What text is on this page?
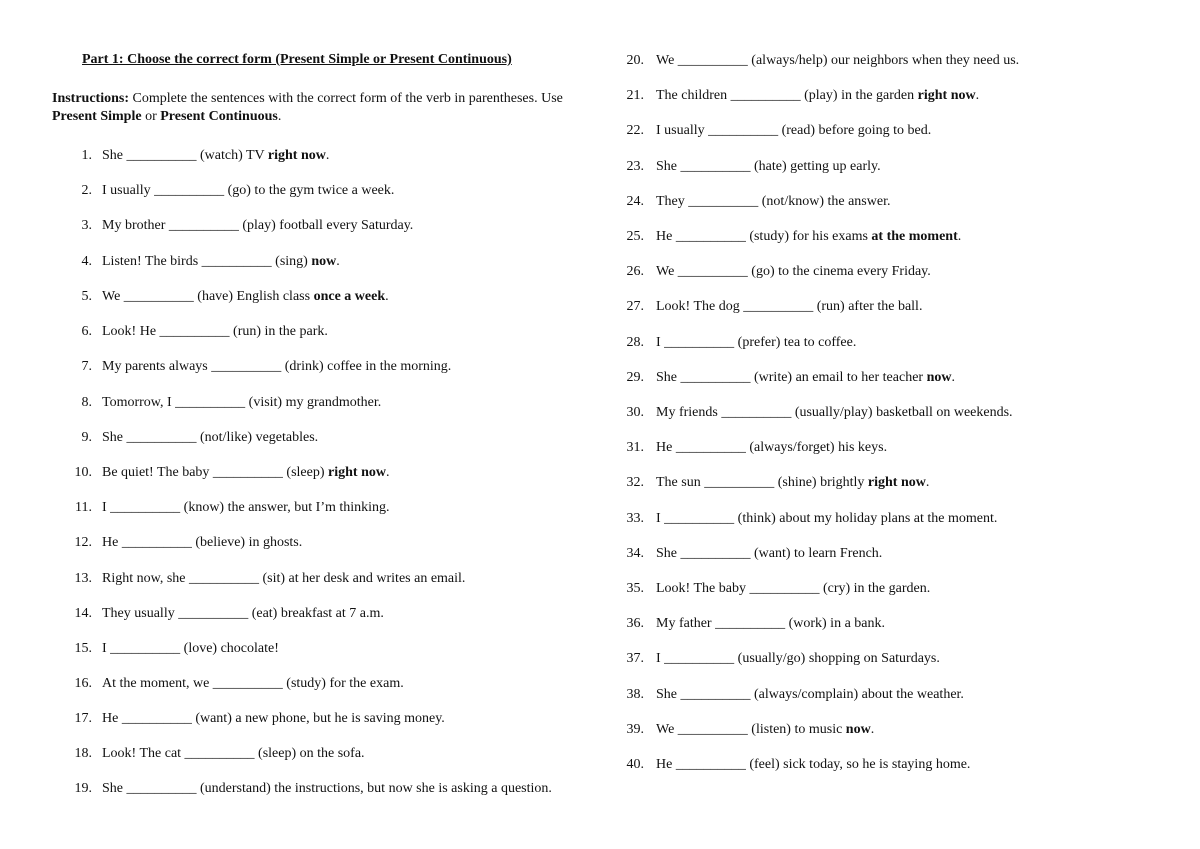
Part 1: Choose the correct form (Present Simple or Present Continuous)
Instructions: Complete the sentences with the correct form of the verb in parentheses. Use Present Simple or Present Continuous.
1. She __________ (watch) TV right now.
2. I usually __________ (go) to the gym twice a week.
3. My brother __________ (play) football every Saturday.
4. Listen! The birds __________ (sing) now.
5. We __________ (have) English class once a week.
6. Look! He __________ (run) in the park.
7. My parents always __________ (drink) coffee in the morning.
8. Tomorrow, I __________ (visit) my grandmother.
9. She __________ (not/like) vegetables.
10. Be quiet! The baby __________ (sleep) right now.
11. I __________ (know) the answer, but I’m thinking.
12. He __________ (believe) in ghosts.
13. Right now, she __________ (sit) at her desk and writes an email.
14. They usually __________ (eat) breakfast at 7 a.m.
15. I __________ (love) chocolate!
16. At the moment, we __________ (study) for the exam.
17. He __________ (want) a new phone, but he is saving money.
18. Look! The cat __________ (sleep) on the sofa.
19. She __________ (understand) the instructions, but now she is asking a question.
20. We __________ (always/help) our neighbors when they need us.
21. The children __________ (play) in the garden right now.
22. I usually __________ (read) before going to bed.
23. She __________ (hate) getting up early.
24. They __________ (not/know) the answer.
25. He __________ (study) for his exams at the moment.
26. We __________ (go) to the cinema every Friday.
27. Look! The dog __________ (run) after the ball.
28. I __________ (prefer) tea to coffee.
29. She __________ (write) an email to her teacher now.
30. My friends __________ (usually/play) basketball on weekends.
31. He __________ (always/forget) his keys.
32. The sun __________ (shine) brightly right now.
33. I __________ (think) about my holiday plans at the moment.
34. She __________ (want) to learn French.
35. Look! The baby __________ (cry) in the garden.
36. My father __________ (work) in a bank.
37. I __________ (usually/go) shopping on Saturdays.
38. She __________ (always/complain) about the weather.
39. We __________ (listen) to music now.
40. He __________ (feel) sick today, so he is staying home.
